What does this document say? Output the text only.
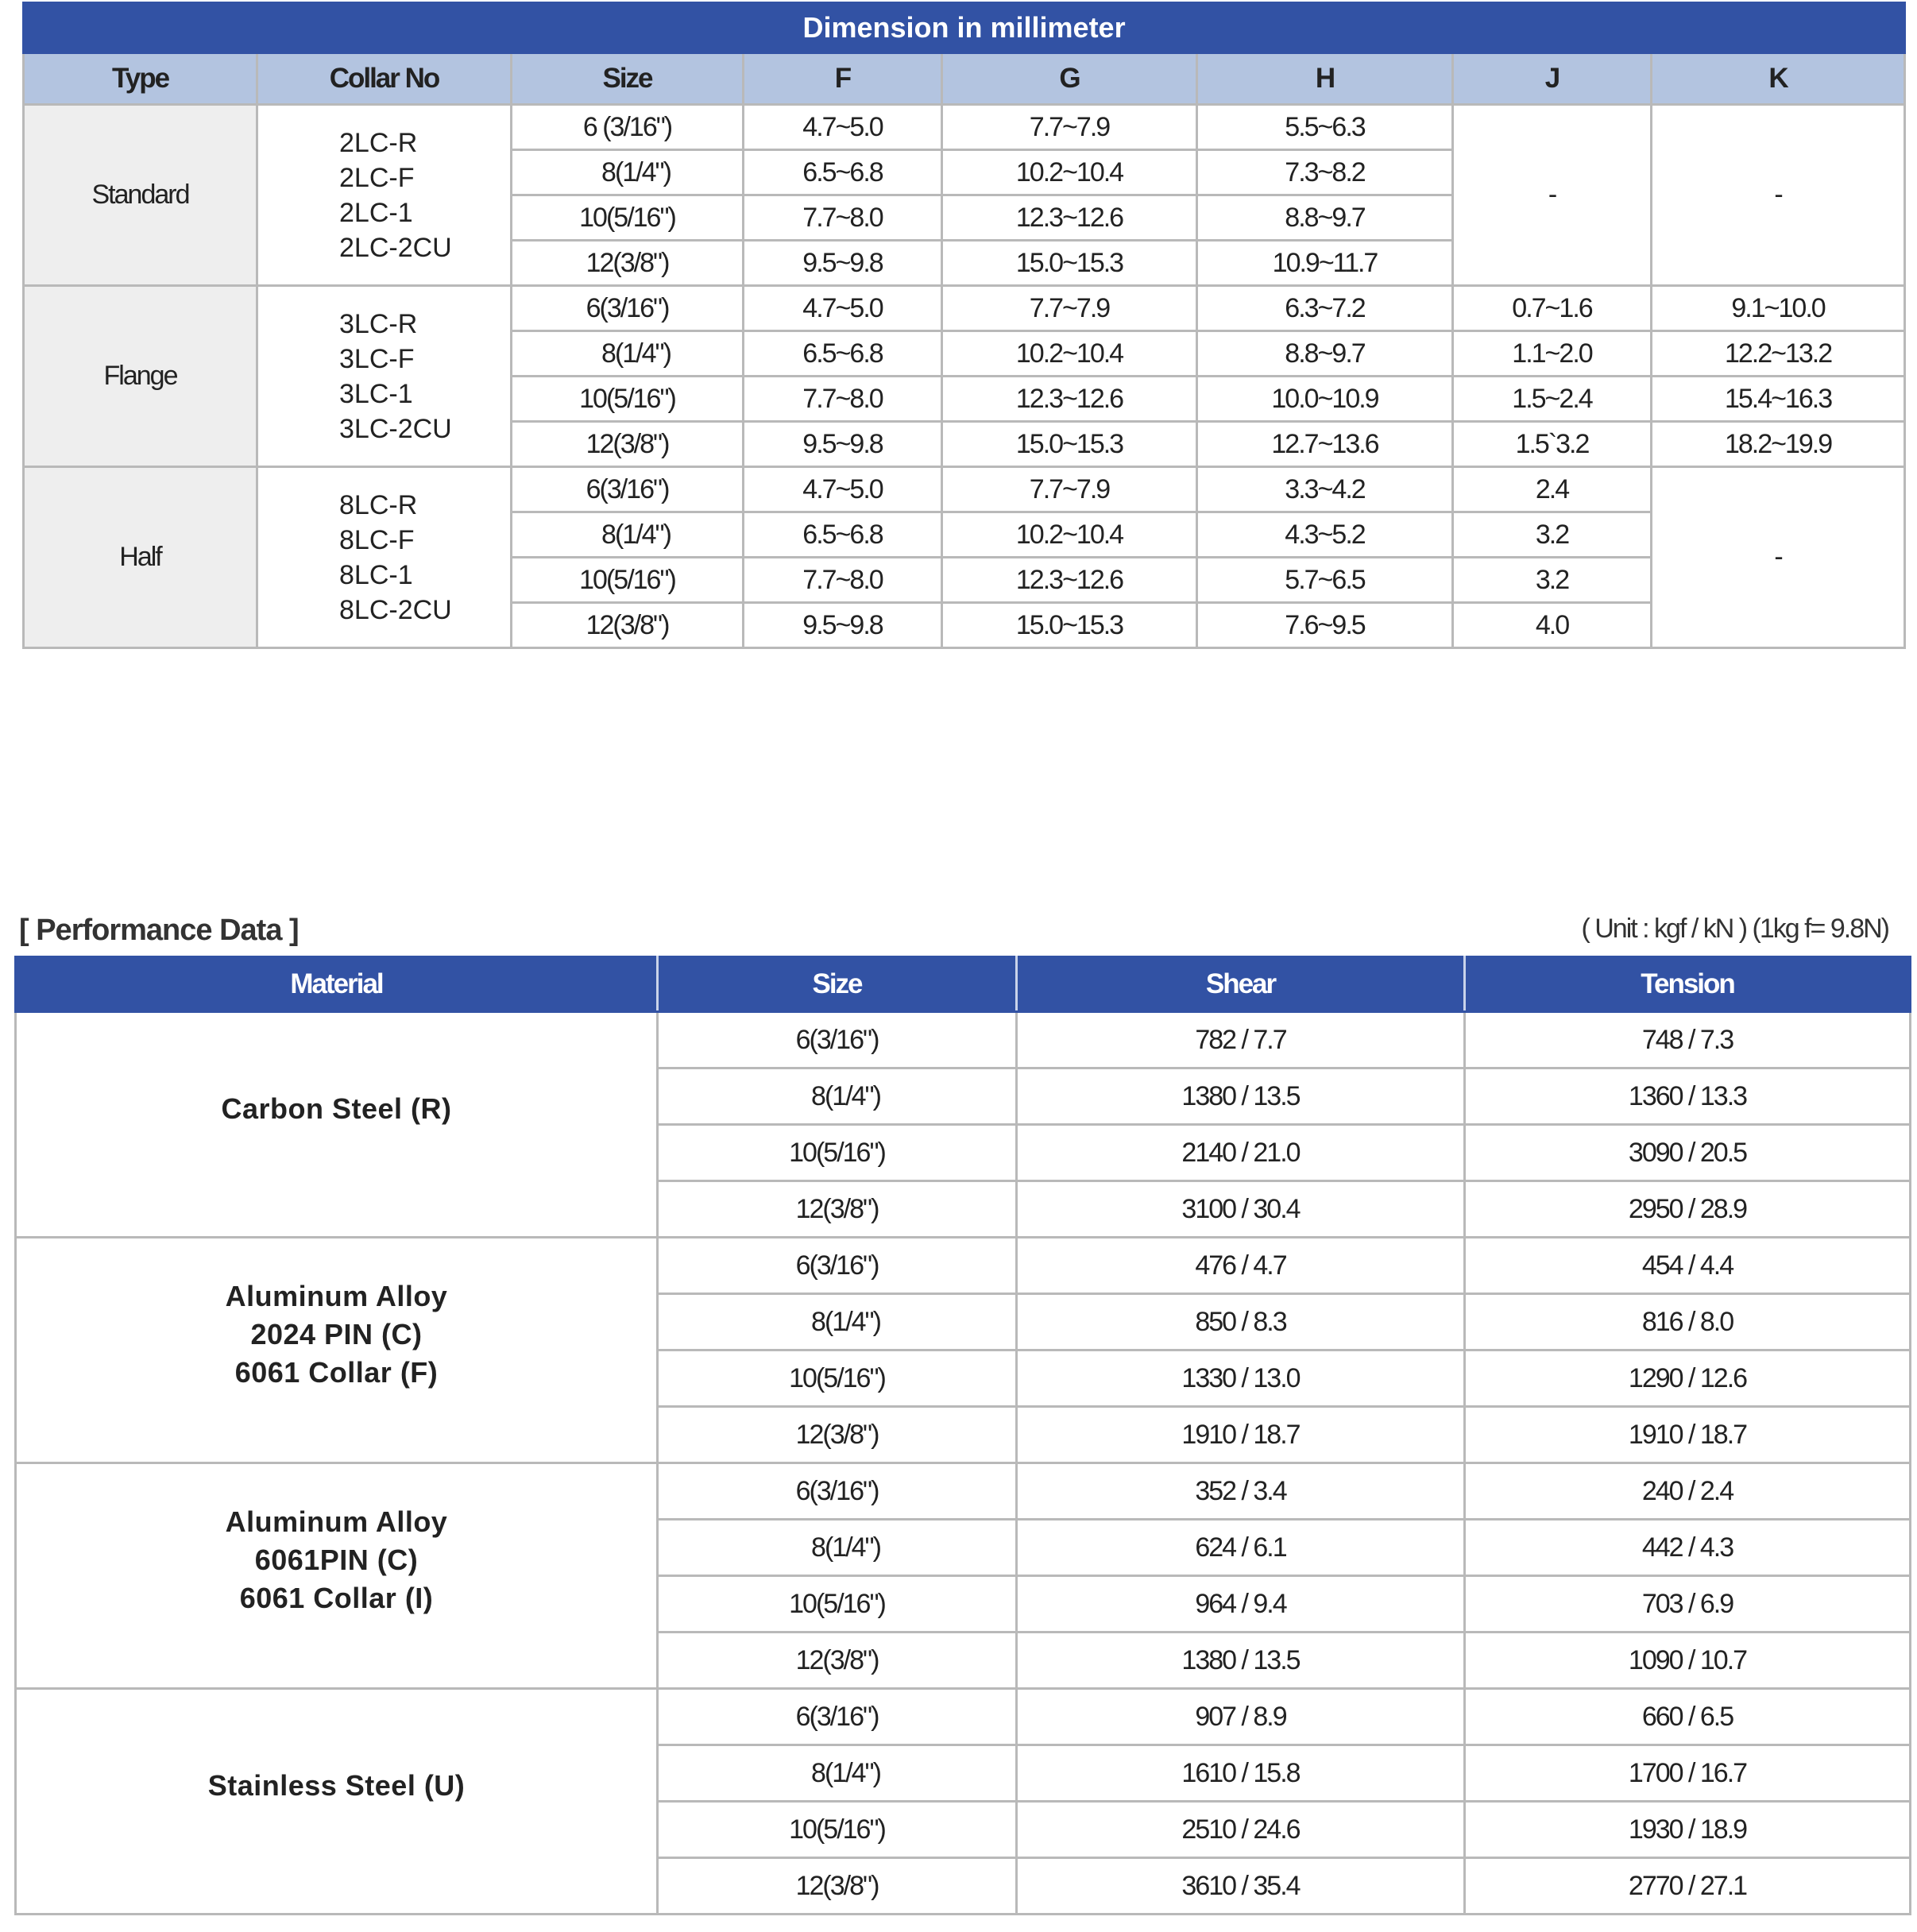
Dimension in millimeter							
Type	Collar No	Size	F	G	H	J	K
Standard	2LC-R
2LC-F
2LC-1
2LC-2CU	6 (3/16")	4.7~5.0	7.7~7.9	5.5~6.3	-	-
		8(1/4")	6.5~6.8	10.2~10.4	7.3~8.2		
		10(5/16")	7.7~8.0	12.3~12.6	8.8~9.7		
		12(3/8")	9.5~9.8	15.0~15.3	10.9~11.7		
Flange	3LC-R
3LC-F
3LC-1
3LC-2CU	6(3/16")	4.7~5.0	7.7~7.9	6.3~7.2	0.7~1.6	9.1~10.0
		8(1/4")	6.5~6.8	10.2~10.4	8.8~9.7	1.1~2.0	12.2~13.2
		10(5/16")	7.7~8.0	12.3~12.6	10.0~10.9	1.5~2.4	15.4~16.3
		12(3/8")	9.5~9.8	15.0~15.3	12.7~13.6	1.5`3.2	18.2~19.9
Half	8LC-R
8LC-F
8LC-1
8LC-2CU	6(3/16")	4.7~5.0	7.7~7.9	3.3~4.2	2.4	-
		8(1/4")	6.5~6.8	10.2~10.4	4.3~5.2	3.2	
		10(5/16")	7.7~8.0	12.3~12.6	5.7~6.5	3.2	
		12(3/8")	9.5~9.8	15.0~15.3	7.6~9.5	4.0	
[ Performance Data ]	( Unit : kgf / kN ) (1kg f= 9.8N)
Material	Size	Shear	Tension

Carbon Steel (R)	6(3/16")	782 / 7.7	748 / 7.3
	8(1/4")	1380 / 13.5	1360 / 13.3
	10(5/16")	2140 / 21.0	3090 / 20.5
	12(3/8")	3100 / 30.4	2950 / 28.9

Aluminum Alloy
2024 PIN (C)
6061 Collar (F)	6(3/16")	476 / 4.7	454 / 4.4
	8(1/4")	850 / 8.3	816 / 8.0
	10(5/16")	1330 / 13.0	1290 / 12.6
	12(3/8")	1910 / 18.7	1910 / 18.7

Aluminum Alloy
6061PIN (C)
6061 Collar (I)	6(3/16")	352 / 3.4	240 / 2.4
	8(1/4")	624 / 6.1	442 / 4.3
	10(5/16")	964 / 9.4	703 / 6.9
	12(3/8")	1380 / 13.5	1090 / 10.7

Stainless Steel (U)	6(3/16")	907 / 8.9	660 / 6.5
	8(1/4")	1610 / 15.8	1700 / 16.7
	10(5/16")	2510 / 24.6	1930 / 18.9
	12(3/8")	3610 / 35.4	2770 / 27.1
